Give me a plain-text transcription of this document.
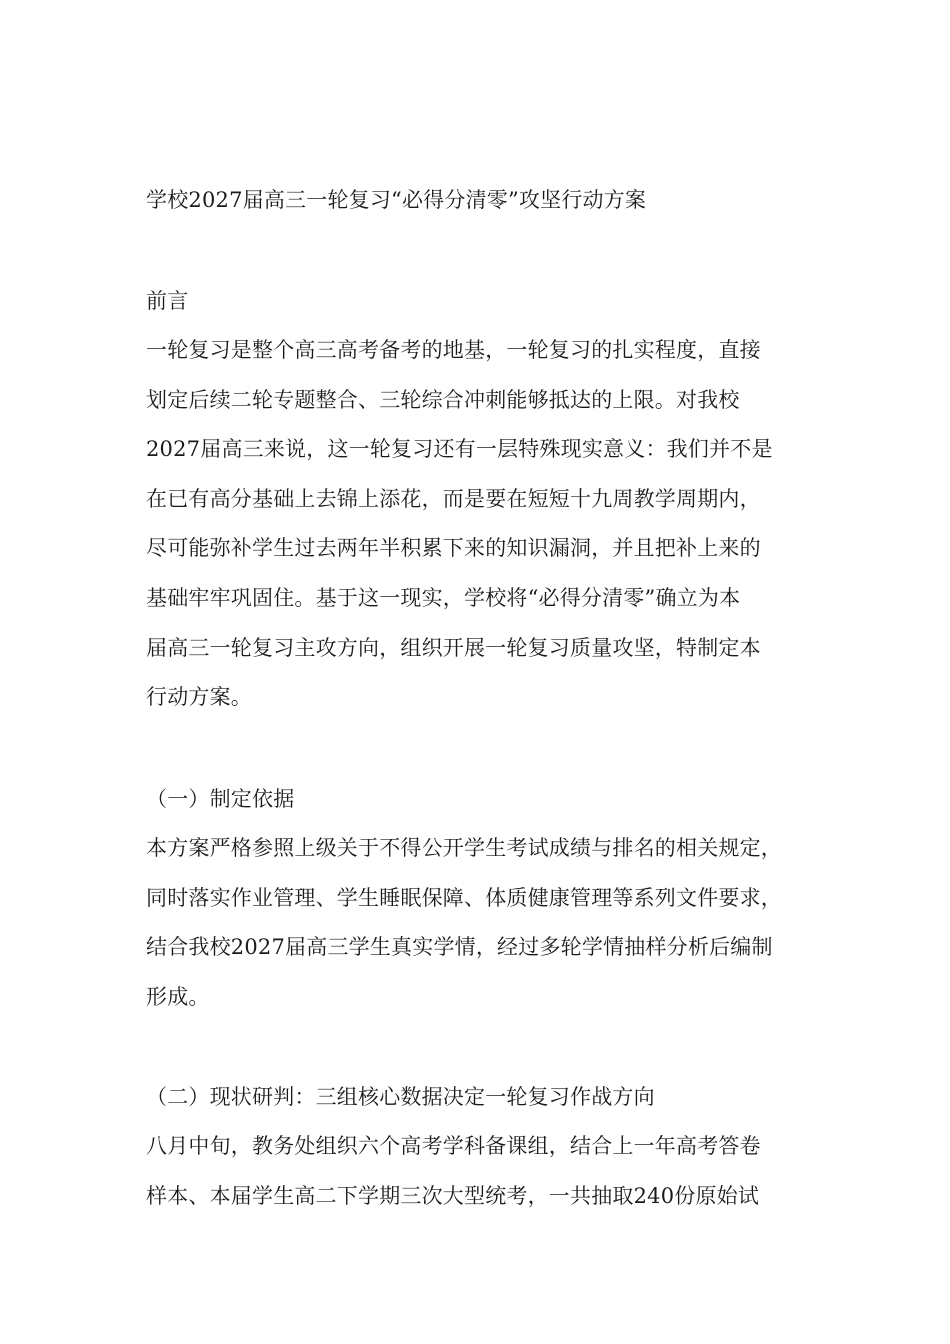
学校2027届高三一轮复习“必得分清零”攻坚行动方案
前言
一轮复习是整个高三高考备考的地基，一轮复习的扎实程度，直接
划定后续二轮专题整合、三轮综合冲刺能够抵达的上限。对我校
2027届高三来说，这一轮复习还有一层特殊现实意义：我们并不是
在已有高分基础上去锦上添花，而是要在短短十九周教学周期内，
尽可能弥补学生过去两年半积累下来的知识漏洞，并且把补上来的
基础牢牢巩固住。基于这一现实，学校将“必得分清零”确立为本
届高三一轮复习主攻方向，组织开展一轮复习质量攻坚，特制定本
行动方案。
（一）制定依据
本方案严格参照上级关于不得公开学生考试成绩与排名的相关规定，
同时落实作业管理、学生睡眠保障、体质健康管理等系列文件要求，
结合我校2027届高三学生真实学情，经过多轮学情抽样分析后编制
形成。
（二）现状研判：三组核心数据决定一轮复习作战方向
八月中旬，教务处组织六个高考学科备课组，结合上一年高考答卷
样本、本届学生高二下学期三次大型统考，一共抽取240份原始试
